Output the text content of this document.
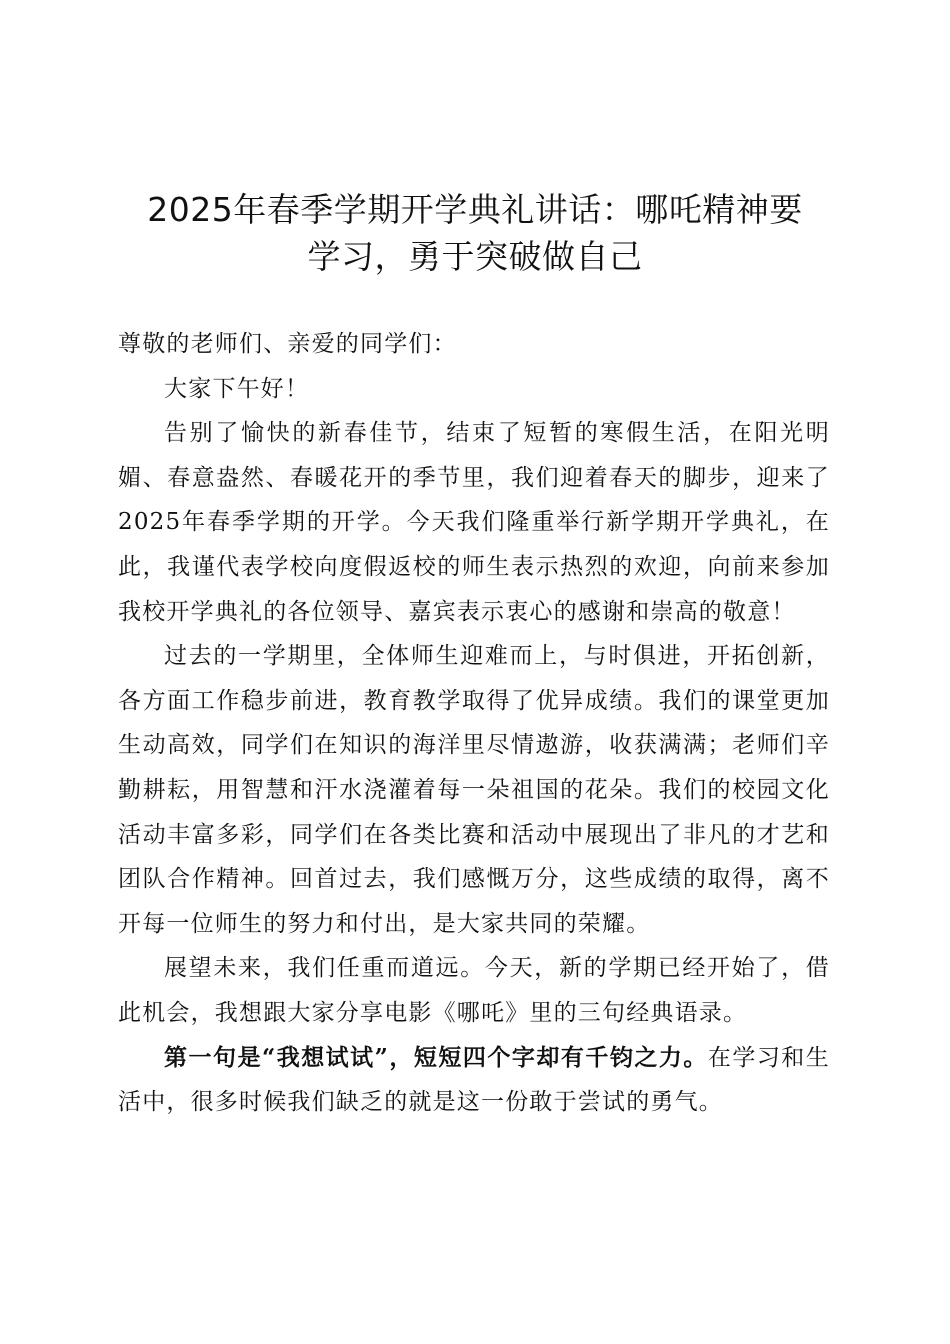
2025年春季学期开学典礼讲话：哪吒精神要
学习，勇于突破做自己

尊敬的老师们、亲爱的同学们：

大家下午好！

告别了愉快的新春佳节，结束了短暂的寒假生活，在阳光明媚、春意盎然、春暖花开的季节里，我们迎着春天的脚步，迎来了2025年春季学期的开学。今天我们隆重举行新学期开学典礼，在此，我谨代表学校向度假返校的师生表示热烈的欢迎，向前来参加我校开学典礼的各位领导、嘉宾表示衷心的感谢和崇高的敬意！

过去的一学期里，全体师生迎难而上，与时俱进，开拓创新，各方面工作稳步前进，教育教学取得了优异成绩。我们的课堂更加生动高效，同学们在知识的海洋里尽情遨游，收获满满；老师们辛勤耕耘，用智慧和汗水浇灌着每一朵祖国的花朵。我们的校园文化活动丰富多彩，同学们在各类比赛和活动中展现出了非凡的才艺和团队合作精神。回首过去，我们感慨万分，这些成绩的取得，离不开每一位师生的努力和付出，是大家共同的荣耀。

展望未来，我们任重而道远。今天，新的学期已经开始了，借此机会，我想跟大家分享电影《哪吒》里的三句经典语录。

第一句是“我想试试”，短短四个字却有千钧之力。在学习和生活中，很多时候我们缺乏的就是这一份敢于尝试的勇气。
